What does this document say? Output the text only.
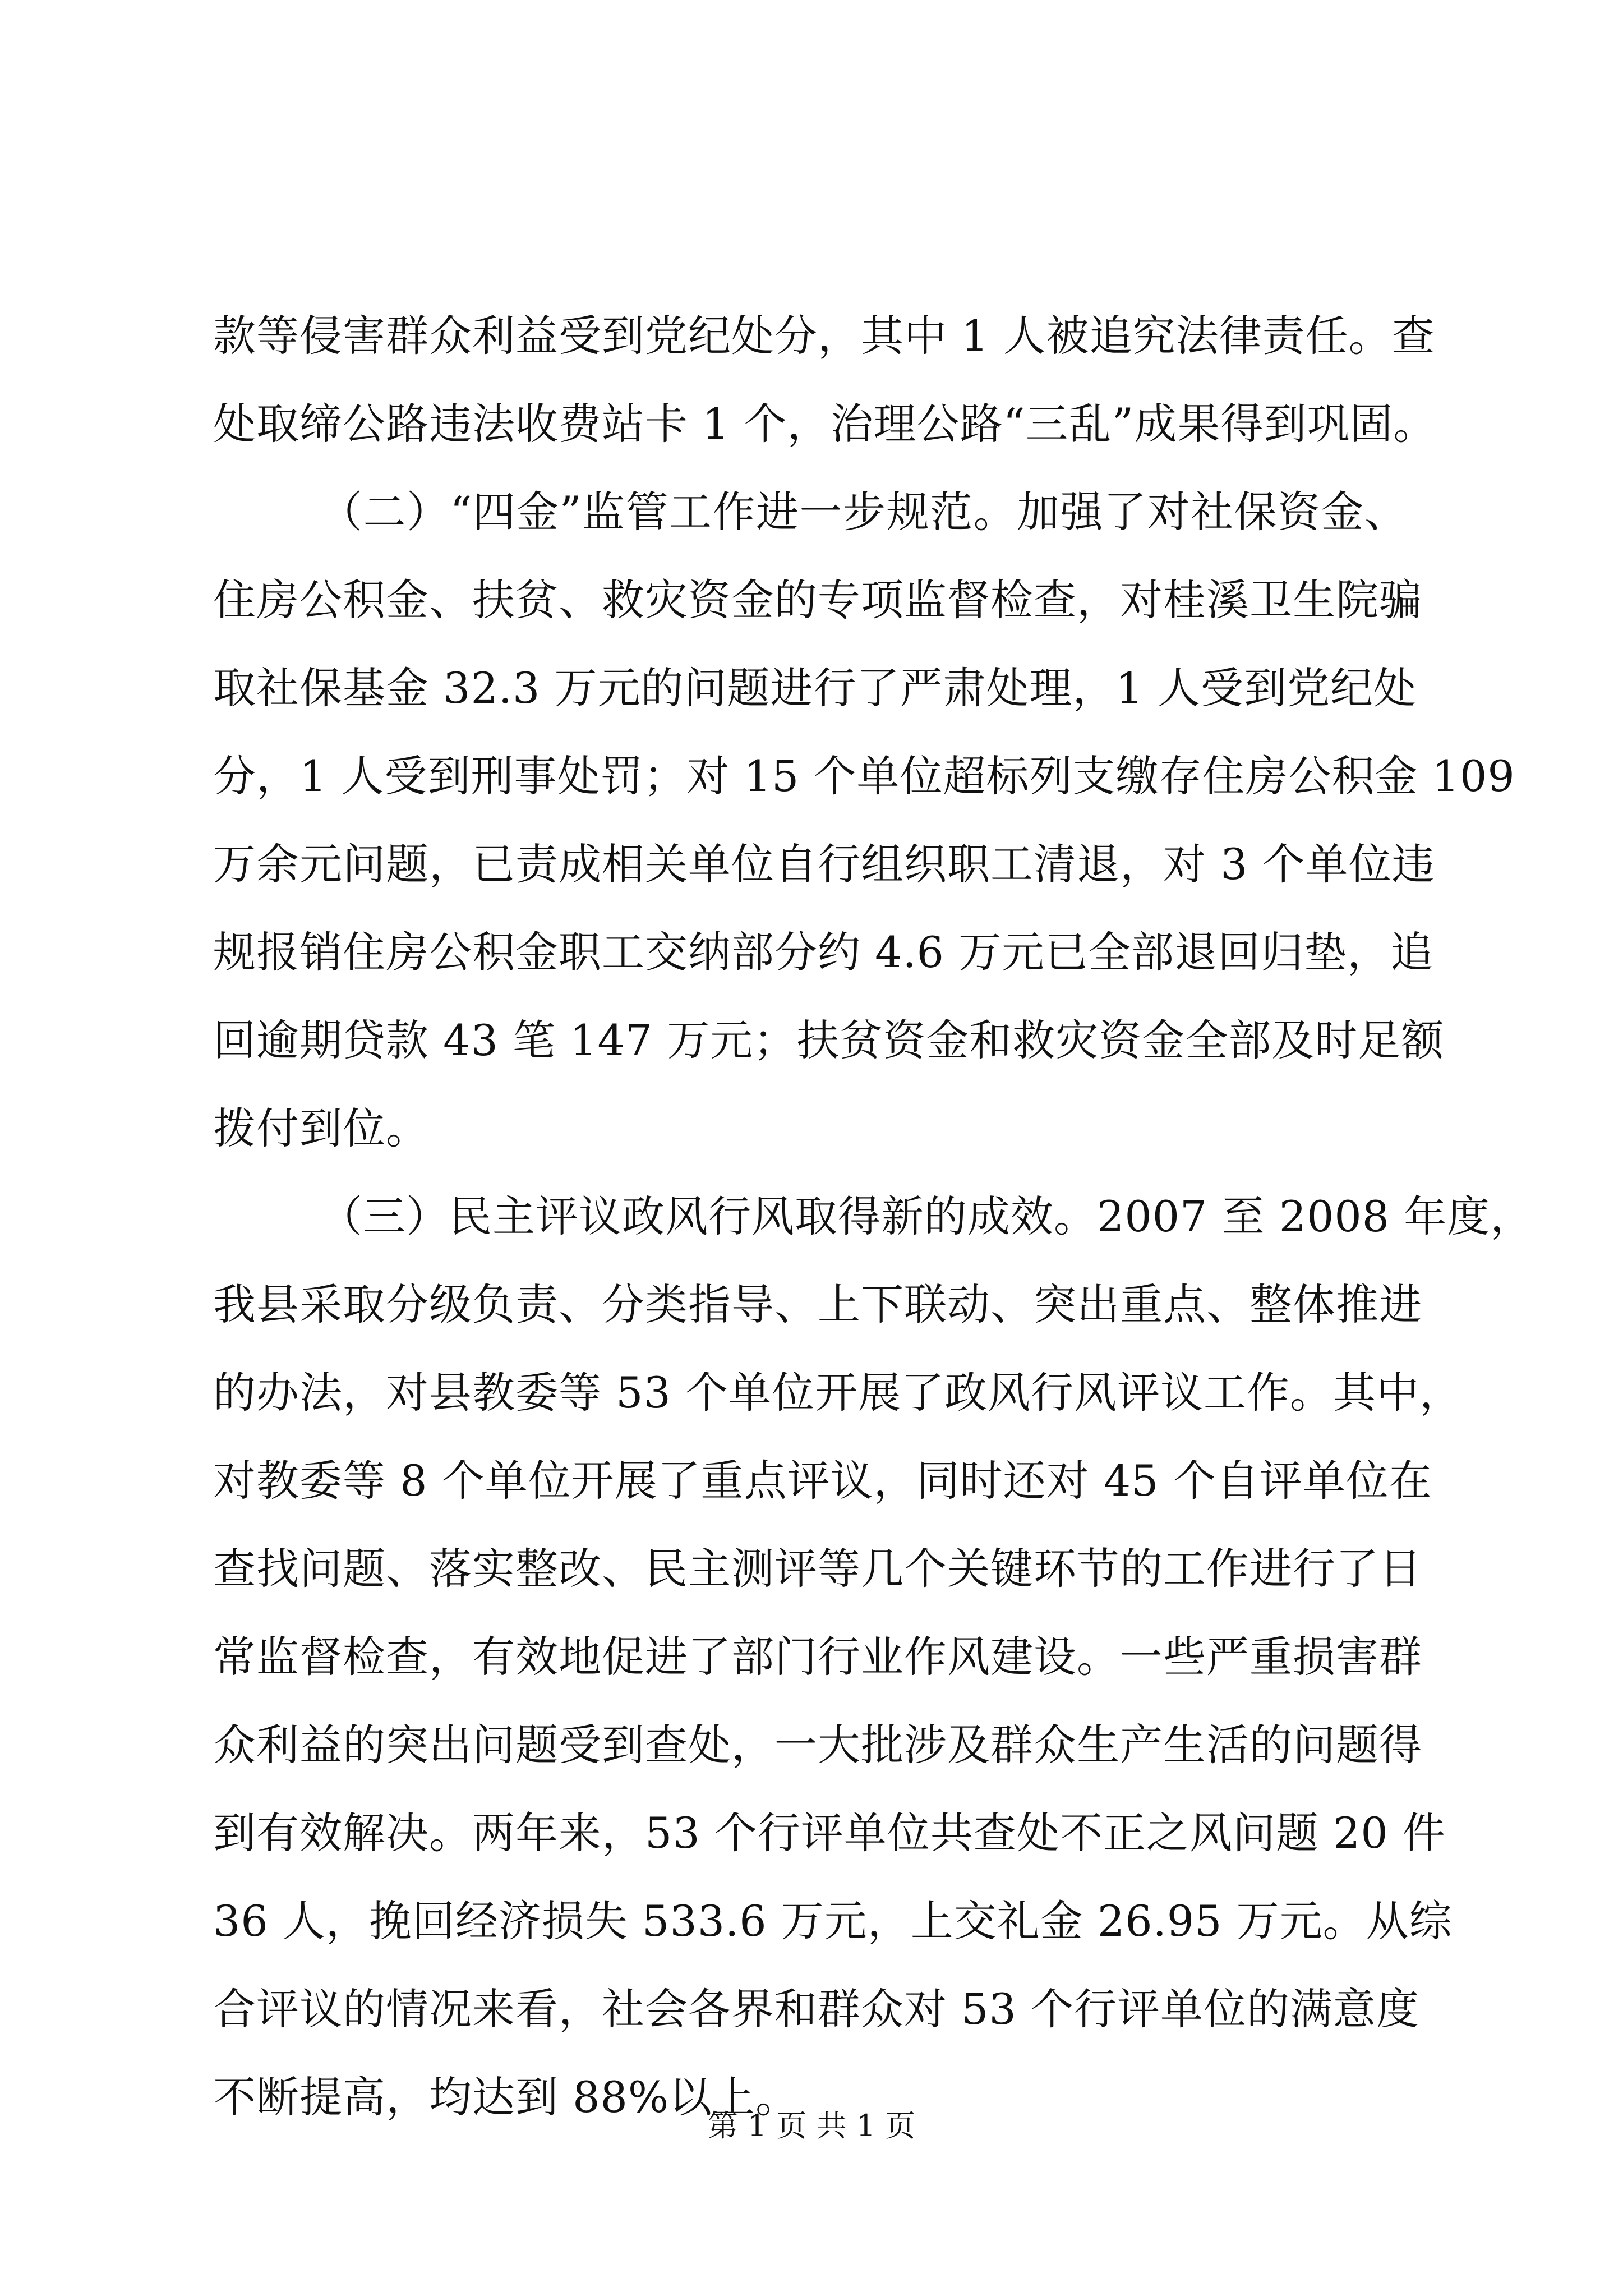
款等侵害群众利益受到党纪处分，其中 1 人被追究法律责任。查
处取缔公路违法收费站卡 1 个，治理公路“三乱”成果得到巩固。
（二）“四金”监管工作进一步规范。加强了对社保资金、
住房公积金、扶贫、救灾资金的专项监督检查，对桂溪卫生院骗
取社保基金 32.3 万元的问题进行了严肃处理，1 人受到党纪处
分，1 人受到刑事处罚；对 15 个单位超标列支缴存住房公积金 109
万余元问题，已责成相关单位自行组织职工清退，对 3 个单位违
规报销住房公积金职工交纳部分约 4.6 万元已全部退回归垫，追
回逾期贷款 43 笔 147 万元；扶贫资金和救灾资金全部及时足额
拨付到位。
（三）民主评议政风行风取得新的成效。2007 至 2008 年度，
我县采取分级负责、分类指导、上下联动、突出重点、整体推进
的办法，对县教委等 53 个单位开展了政风行风评议工作。其中，
对教委等 8 个单位开展了重点评议，同时还对 45 个自评单位在
查找问题、落实整改、民主测评等几个关键环节的工作进行了日
常监督检查，有效地促进了部门行业作风建设。一些严重损害群
众利益的突出问题受到查处，一大批涉及群众生产生活的问题得
到有效解决。两年来，53 个行评单位共查处不正之风问题 20 件
36 人，挽回经济损失 533.6 万元，上交礼金 26.95 万元。从综
合评议的情况来看，社会各界和群众对 53 个行评单位的满意度
不断提高，均达到 88%以上。
第 1 页 共 1 页
